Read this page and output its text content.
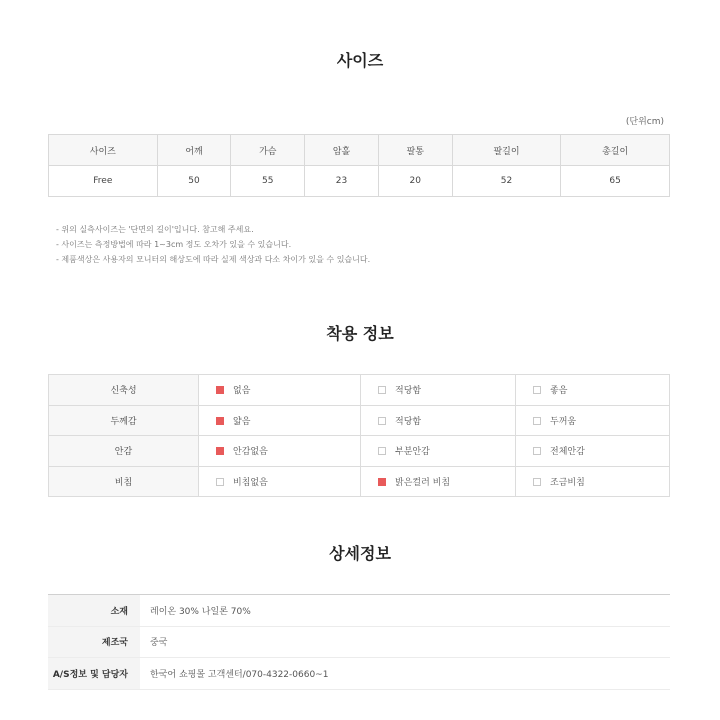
사이즈
(단위cm)
사이즈	어깨	가슴	암홀	팔통	팔길이	총길이
Free	50	55	23	20	52	65
- 위의 실측사이즈는 '단면의 길이'입니다. 참고해 주세요.
- 사이즈는 측정방법에 따라 1~3cm 정도 오차가 있을 수 있습니다.
- 제품색상은 사용자의 모니터의 해상도에 따라 실제 색상과 다소 차이가 있을 수 있습니다.
착용 정보
신축성	없음	적당함	좋음
두께감	얇음	적당함	두꺼움
안감	안감없음	부분안감	전체안감
비침	비침없음	밝은컬러 비침	조금비침
상세정보
소재	레이온 30% 나일론 70%
제조국	중국
A/S정보 및 담당자	한국어 쇼핑몰 고객센터/070-4322-0660~1
